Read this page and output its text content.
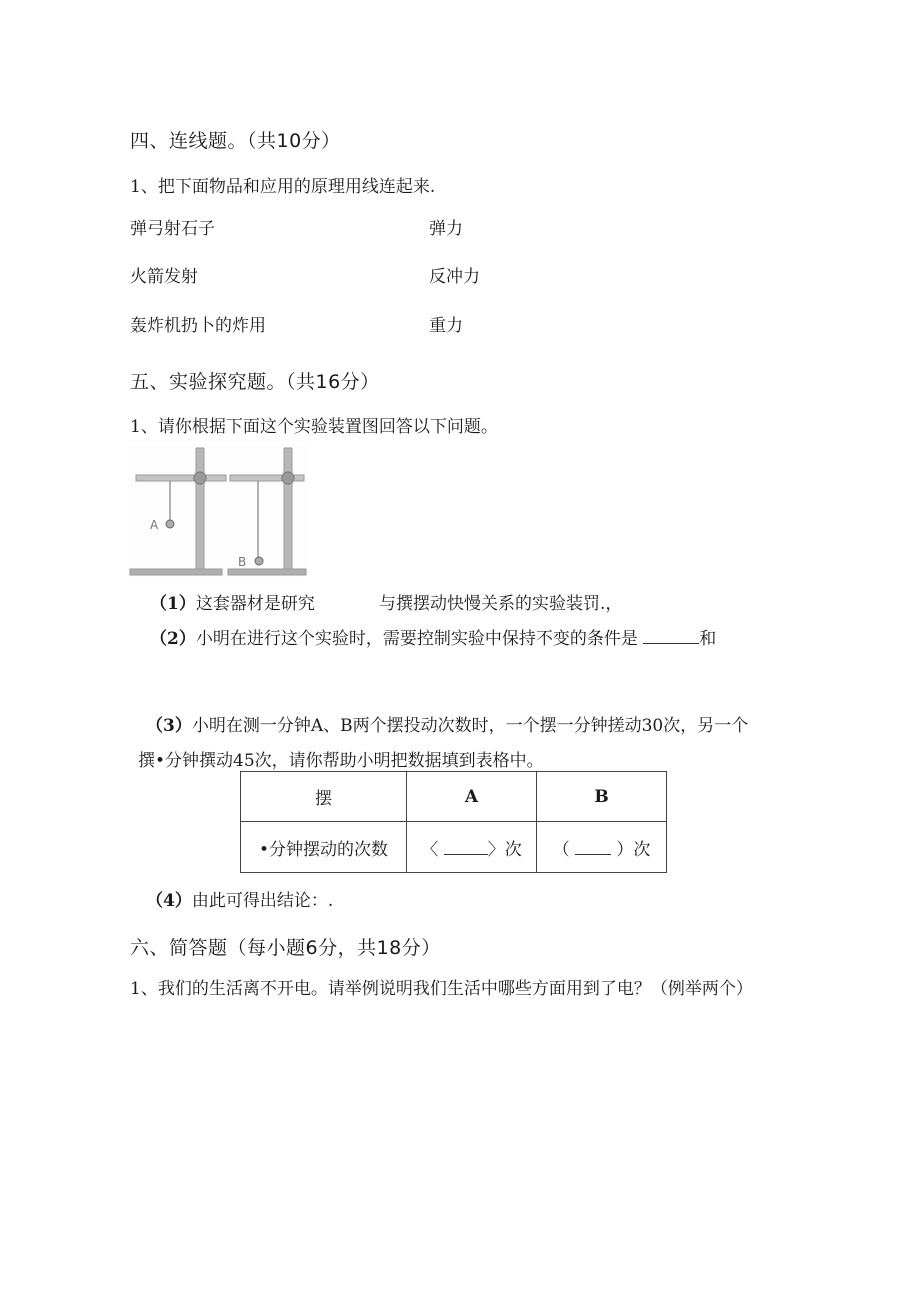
四、连线题。（共10分）
1、把下面物品和应用的原理用线连起来.
弹弓射石子	弹力
火箭发射	反冲力
轰炸机扔卜的炸用	重力
五、实验探究题。（共16分）
1、请你根据下面这个实验装置图回答以下问题。
A
B
（1）这套器材是研究	与撰摆动快慢关系的实验装罚.，
（2）小明在进行这个实验时，需要控制实验中保持不变的条件是	和
（3）小明在测一分钟A、B两个摆投动次数时，一个摆一分钟搓动30次，另一个
撰•分钟撰动45次，请你帮助小明把数据填到表格中。
摆	A	B
•分钟摆动的次数	〈 〉次	（ ）次
（4）由此可得出结论：.
六、简答题（每小题6分，共18分）
1、我们的生活离不开电。请举例说明我们生活中哪些方面用到了电？（例举两个）
